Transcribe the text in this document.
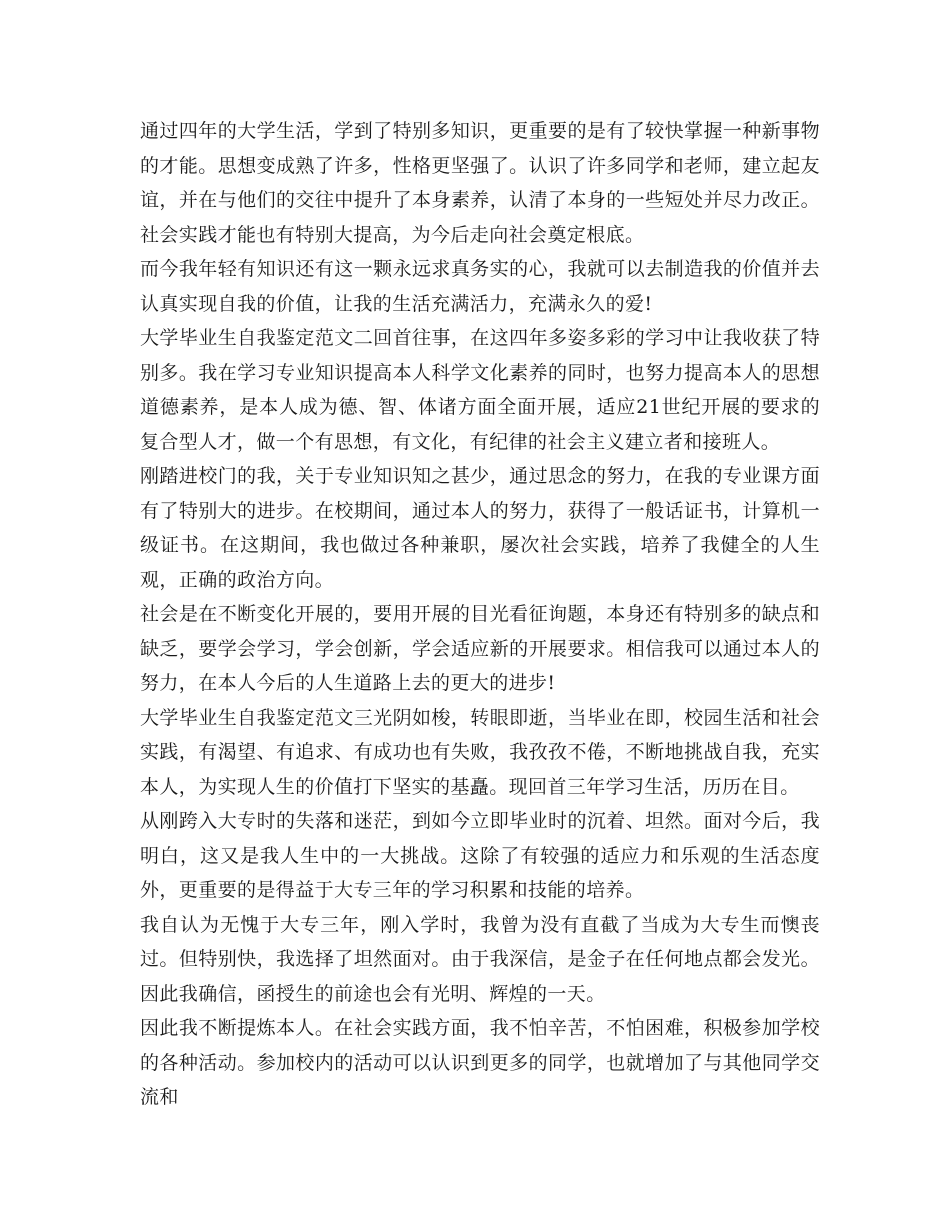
通过四年的大学生活，学到了特别多知识，更重要的是有了较快掌握一种新事物的才能。思想变成熟了许多，性格更坚强了。认识了许多同学和老师，建立起友谊，并在与他们的交往中提升了本身素养，认清了本身的一些短处并尽力改正。社会实践才能也有特别大提高，为今后走向社会奠定根底。

而今我年轻有知识还有这一颗永远求真务实的心，我就可以去制造我的价值并去认真实现自我的价值，让我的生活充满活力，充满永久的爱!

大学毕业生自我鉴定范文二回首往事，在这四年多姿多彩的学习中让我收获了特别多。我在学习专业知识提高本人科学文化素养的同时，也努力提高本人的思想道德素养，是本人成为德、智、体诸方面全面开展，适应21世纪开展的要求的复合型人才，做一个有思想，有文化，有纪律的社会主义建立者和接班人。

刚踏进校门的我，关于专业知识知之甚少，通过思念的努力，在我的专业课方面有了特别大的进步。在校期间，通过本人的努力，获得了一般话证书，计算机一级证书。在这期间，我也做过各种兼职，屡次社会实践，培养了我健全的人生观，正确的政治方向。

社会是在不断变化开展的，要用开展的目光看征询题，本身还有特别多的缺点和缺乏，要学会学习，学会创新，学会适应新的开展要求。相信我可以通过本人的努力，在本人今后的人生道路上去的更大的进步!

大学毕业生自我鉴定范文三光阴如梭，转眼即逝，当毕业在即，校园生活和社会实践，有渴望、有追求、有成功也有失败，我孜孜不倦，不断地挑战自我，充实本人，为实现人生的价值打下坚实的基矗。现回首三年学习生活，历历在目。

从刚跨入大专时的失落和迷茫，到如今立即毕业时的沉着、坦然。面对今后，我明白，这又是我人生中的一大挑战。这除了有较强的适应力和乐观的生活态度外，更重要的是得益于大专三年的学习积累和技能的培养。

我自认为无愧于大专三年，刚入学时，我曾为没有直截了当成为大专生而懊丧过。但特别快，我选择了坦然面对。由于我深信，是金子在任何地点都会发光。因此我确信，函授生的前途也会有光明、辉煌的一天。

因此我不断提炼本人。在社会实践方面，我不怕辛苦，不怕困难，积极参加学校的各种活动。参加校内的活动可以认识到更多的同学，也就增加了与其他同学交流和
